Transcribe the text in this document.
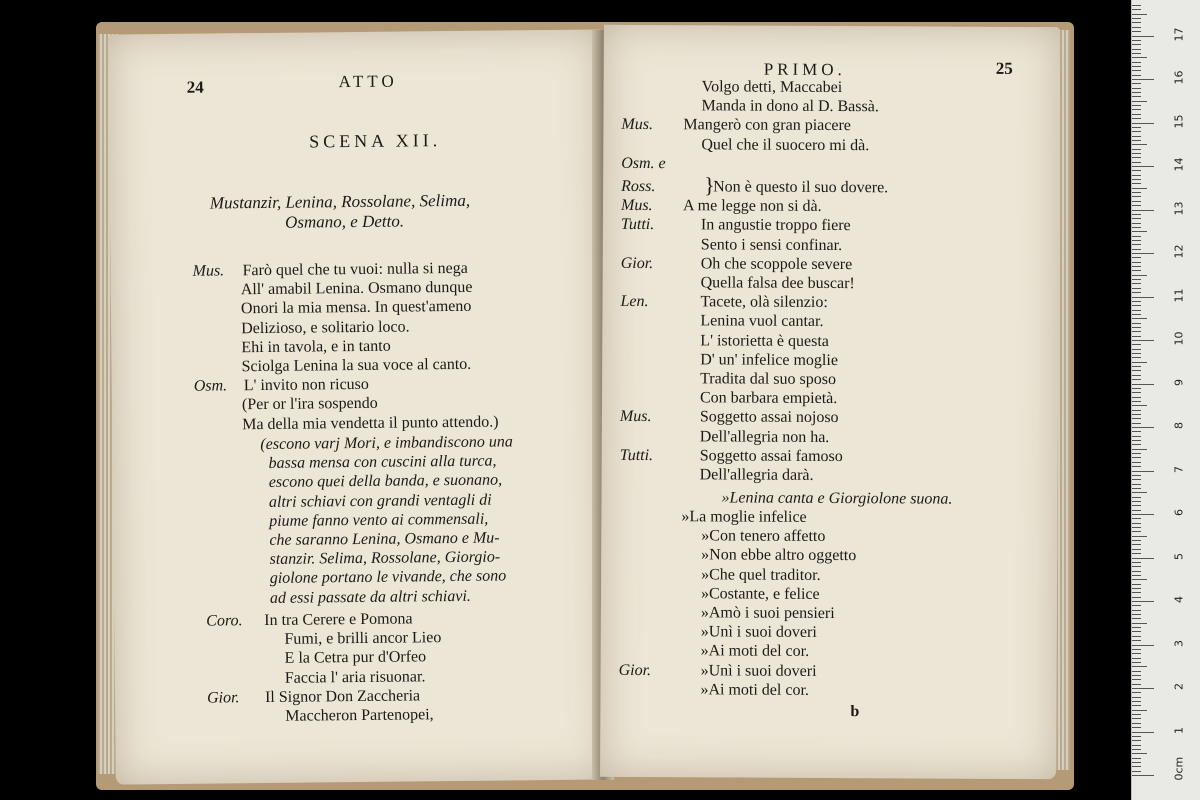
24	ATTO
SCENA XII.
Mustanzir, Lenina, Rossolane, Selima,
Osmano, e Detto.
Mus. Farò quel che tu vuoi: nulla si nega
All' amabil Lenina. Osmano dunque
Onori la mia mensa. In quest'ameno
Delizioso, e solitario loco.
Ehi in tavola, e in tanto
Sciolga Lenina la sua voce al canto.
Osm. L' invito non ricuso
(Per or l'ira sospendo
Ma della mia vendetta il punto attendo.)
(escono varj Mori, e imbandiscono una
bassa mensa con cuscini alla turca,
escono quei della banda, e suonano,
altri schiavi con grandi ventagli di
piume fanno vento ai commensali,
che saranno Lenina, Osmano e Mu-
stanzir. Selima, Rossolane, Giorgio-
giolone portano le vivande, che sono
ad essi passate da altri schiavi.
Coro. In tra Cerere e Pomona
Fumi, e brilli ancor Lieo
E la Cetra pur d'Orfeo
Faccia l' aria risuonar.
Gior. Il Signor Don Zaccheria
Maccheron Partenopei,
PRIMO.	25
}
Volgo detti, Maccabei
Manda in dono al D. Bassà.
Mus. Mangerò con gran piacere
Quel che il suocero mi dà.
Osm. e
Ross.	Non è questo il suo dovere.
Mus. A me legge non si dà.
Tutti.	In angustie troppo fiere
Sento i sensi confinar.
Gior.	Oh che scoppole severe
Quella falsa dee buscar!
Len.	Tacete, olà silenzio:
Lenina vuol cantar.
L' istorietta è questa
D' un' infelice moglie
Tradita dal suo sposo
Con barbara empietà.
Mus.	Soggetto assai nojoso
Dell'allegria non ha.
Tutti.	Soggetto assai famoso
Dell'allegria darà.
»Lenina canta e Giorgiolone suona.
»La moglie infelice
»Con tenero affetto
»Non ebbe altro oggetto
»Che quel traditor.
»Costante, e felice
»Amò i suoi pensieri
»Unì i suoi doveri
»Ai moti del cor.
Gior.	»Unì i suoi doveri
»Ai moti del cor.
b
17
16
15
14
13
12
11
10
9
8
7
6
5
4
3
2
1
0cm
